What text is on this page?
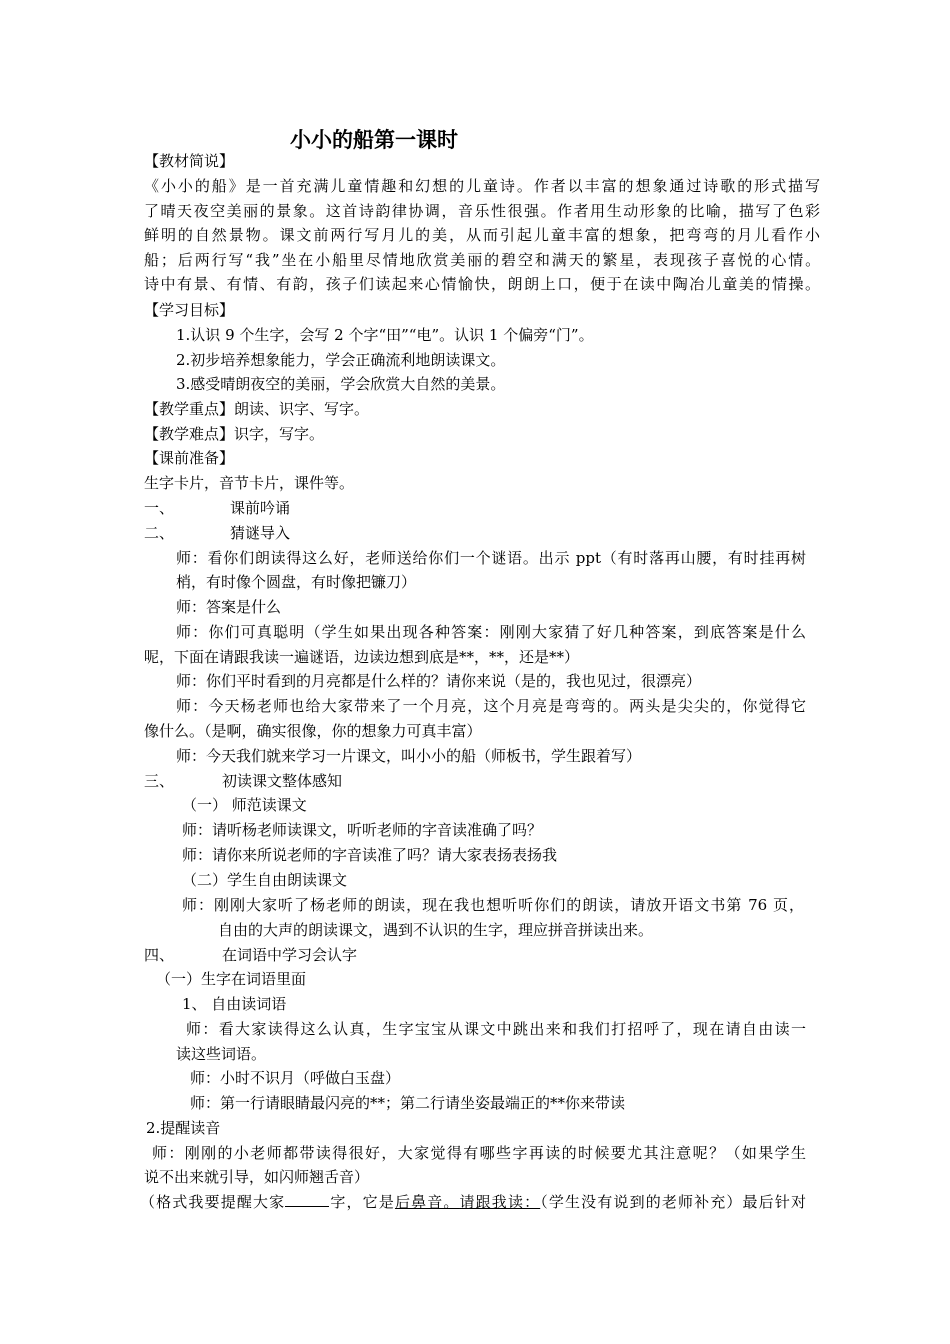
小小的船第一课时
【教材简说】
《小小的船》是一首充满儿童情趣和幻想的儿童诗。作者以丰富的想象通过诗歌的形式描写
了晴天夜空美丽的景象。这首诗韵律协调，音乐性很强。作者用生动形象的比喻，描写了色彩
鲜明的自然景物。课文前两行写月儿的美，从而引起儿童丰富的想象，把弯弯的月儿看作小
船；后两行写“我”坐在小船里尽情地欣赏美丽的碧空和满天的繁星，表现孩子喜悦的心情。
诗中有景、有情、有韵，孩子们读起来心情愉快，朗朗上口，便于在读中陶冶儿童美的情操。
【学习目标】
1.认识 9 个生字，会写 2 个字“田”“电”。认识 1 个偏旁“门”。
2.初步培养想象能力，学会正确流利地朗读课文。
3.感受晴朗夜空的美丽，学会欣赏大自然的美景。
【教学重点】朗读、识字、写字。
【教学难点】识字，写字。
【课前准备】
生字卡片，音节卡片，课件等。
一、	课前吟诵
二、	猜谜导入
师：看你们朗读得这么好，老师送给你们一个谜语。出示 ppt（有时落再山腰，有时挂再树
梢，有时像个圆盘，有时像把镰刀）
师：答案是什么
师：你们可真聪明（学生如果出现各种答案：刚刚大家猜了好几种答案，到底答案是什么
呢，下面在请跟我读一遍谜语，边读边想到底是**，**，还是**）
师：你们平时看到的月亮都是什么样的？请你来说（是的，我也见过，很漂亮）
师：今天杨老师也给大家带来了一个月亮，这个月亮是弯弯的。两头是尖尖的，你觉得它
像什么。（是啊，确实很像，你的想象力可真丰富）
师：今天我们就来学习一片课文，叫小小的船（师板书，学生跟着写）
三、	初读课文整体感知
（一） 师范读课文
师：请听杨老师读课文，听听老师的字音读准确了吗？
师：请你来所说老师的字音读准了吗？请大家表扬表扬我
（二）学生自由朗读课文
师：刚刚大家听了杨老师的朗读，现在我也想听听你们的朗读，请放开语文书第 76 页，
自由的大声的朗读课文，遇到不认识的生字，理应拼音拼读出来。
四、	在词语中学习会认字
（一）生字在词语里面
1、 自由读词语
师：看大家读得这么认真，生字宝宝从课文中跳出来和我们打招呼了，现在请自由读一
读这些词语。
师：小时不识月（呼做白玉盘）
师：第一行请眼睛最闪亮的**；第二行请坐姿最端正的**你来带读
2.提醒读音
师：刚刚的小老师都带读得很好，大家觉得有哪些字再读的时候要尤其注意呢？（如果学生
说不出来就引导，如闪师翘舌音）
（格式我要提醒大家	字，它是后鼻音。请跟我读：（学生没有说到的老师补充）最后针对
